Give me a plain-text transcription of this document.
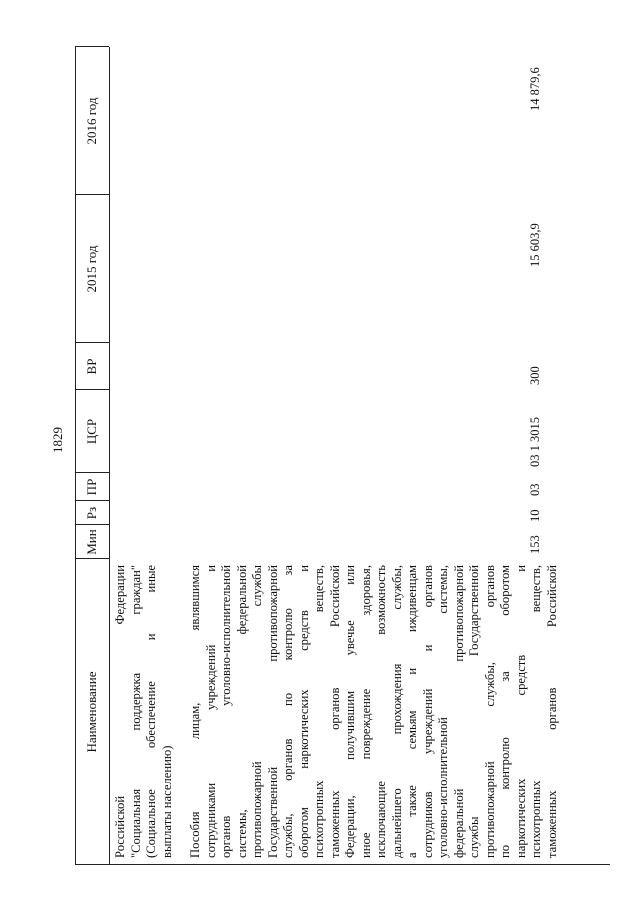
1829
Наименование
Мин
Рз
ПР
ЦСР
ВР
2015 год
2016 год
Российской Федерации "Социальная поддержка граждан" (Социальное обеспечение и иные выплаты населению) Пособия лицам, являвшимся сотрудниками учреждений и органов уголовно-исполнительной системы, федеральной противопожарной службы Государственной противопожарной службы, органов по контролю за оборотом наркотических средств и психотропных веществ, таможенных органов Российской Федерации, получившим увечье или иное повреждение здоровья, исключающие возможность дальнейшего прохождения службы, а также семьям и иждивенцам сотрудников учреждений и органов уголовно-исполнительной системы, федеральной противопожарной службы Государственной противопожарной службы, органов по контролю за оборотом наркотических средств и психотропных веществ, таможенных органов Российской
153
10
03
03 1 3015
300
15 603,9
14 879,6
